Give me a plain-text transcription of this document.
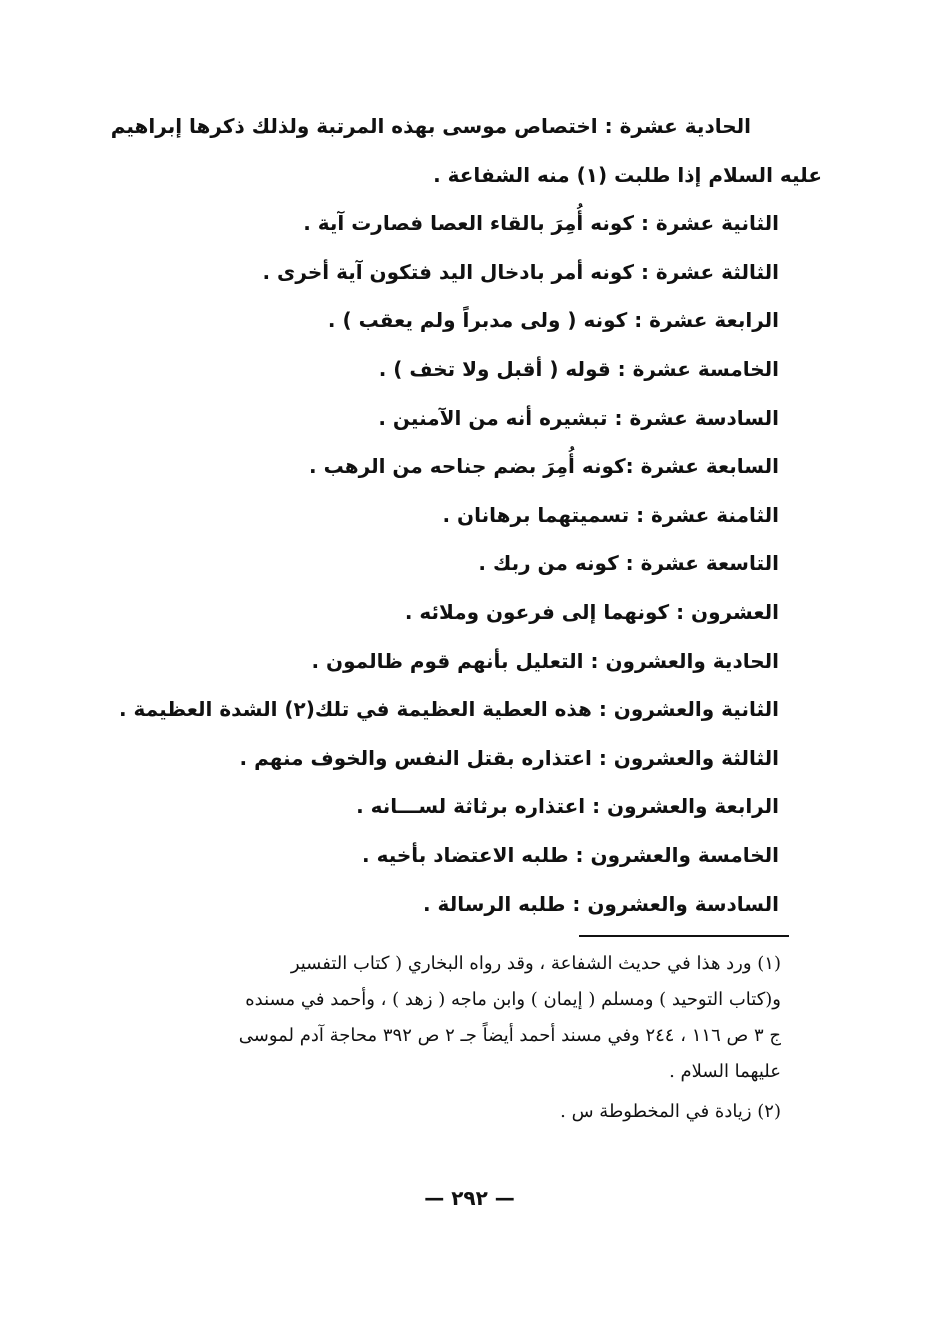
الحادية عشرة : اختصاص موسى بهذه المرتبة ولذلك ذكرها إبراهيم
عليه السلام إذا طلبت (١) منه الشفاعة .
الثانية عشرة : كونه أُمِرَ بالقاء العصا فصارت آية .
الثالثة عشرة : كونه أمر بادخال اليد فتكون آية أخرى .
الرابعة عشرة : كونه ( ولى مدبراً ولم يعقب ) .
الخامسة عشرة : قوله ( أقبل ولا تخف ) .
السادسة عشرة : تبشيره أنه من الآمنين .
السابعة عشرة :كونه أُمِرَ بضم جناحه من الرهب .
الثامنة عشرة : تسميتهما برهانان .
التاسعة عشرة : كونه من ربك .
العشرون : كونهما إلى فرعون وملائه .
الحادية والعشرون : التعليل بأنهم قوم ظالمون .
الثانية والعشرون : هذه العطية العظيمة في تلك(٢) الشدة العظيمة .
الثالثة والعشرون : اعتذاره بقتل النفس والخوف منهم .
الرابعة والعشرون : اعتذاره برثاثة لســـانه .
الخامسة والعشرون : طلبه الاعتضاد بأخيه .
السادسة والعشرون : طلبه الرسالة .
(١) ورد هذا في حديث الشفاعة ، وقد رواه البخاري ( كتاب التفسير
و(كتاب التوحيد ) ومسلم ( إيمان ) وابن ماجه ( زهد ) ، وأحمد في مسنده
ج ٣ ص ١١٦ ، ٢٤٤ وفي مسند أحمد أيضاً جـ ٢ ص ٣٩٢ محاجة آدم لموسى
عليهما السلام .
(٢) زيادة في المخطوطة س .
— ٢٩٢ —
